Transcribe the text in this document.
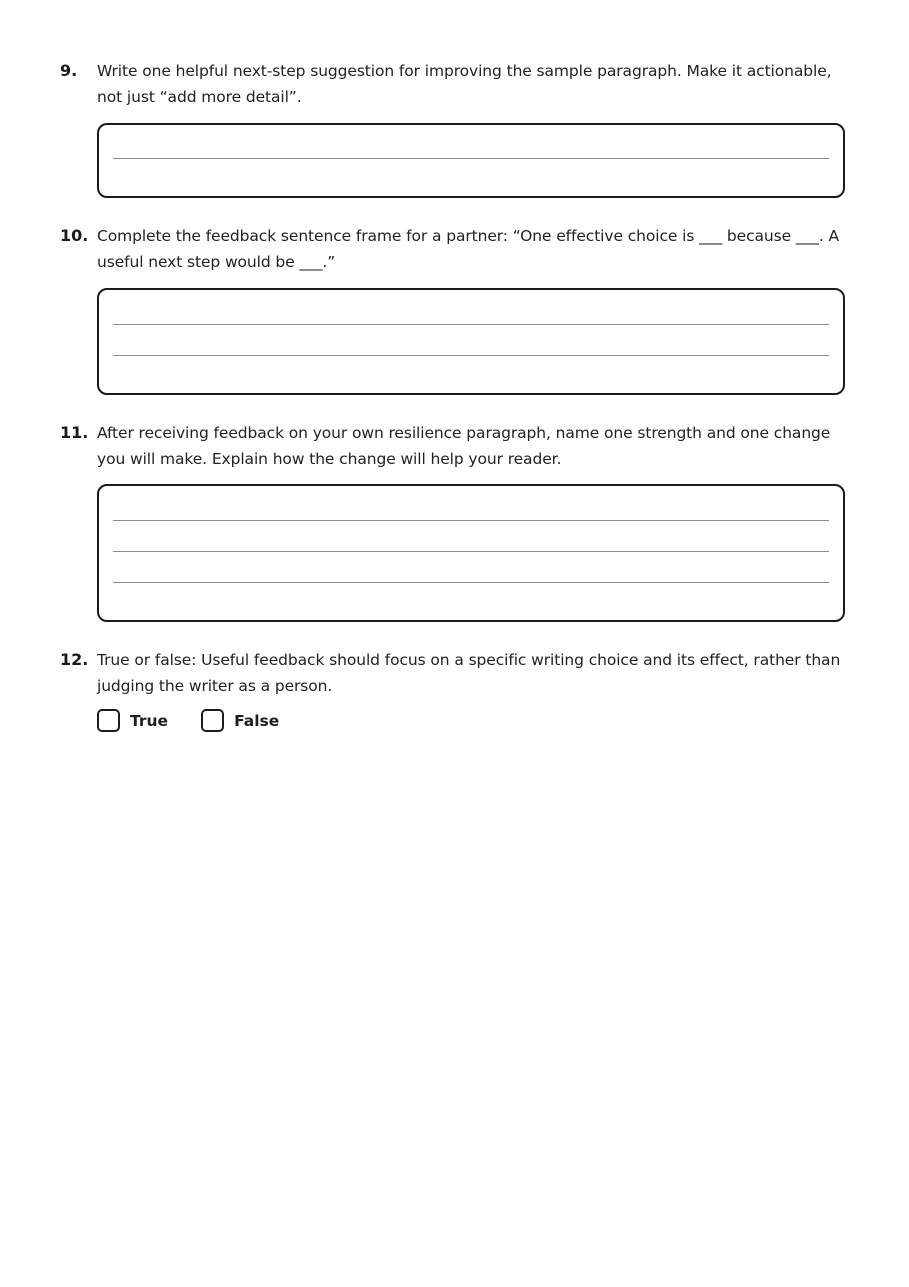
9.	Write one helpful next-step suggestion for improving the sample paragraph. Make it actionable, not just “add more detail”.
10. Complete the feedback sentence frame for a partner: “One effective choice is ___ because ___. A useful next step would be ___.”
11. After receiving feedback on your own resilience paragraph, name one strength and one change you will make. Explain how the change will help your reader.
12. True or false: Useful feedback should focus on a specific writing choice and its effect, rather than judging the writer as a person.
True	False
